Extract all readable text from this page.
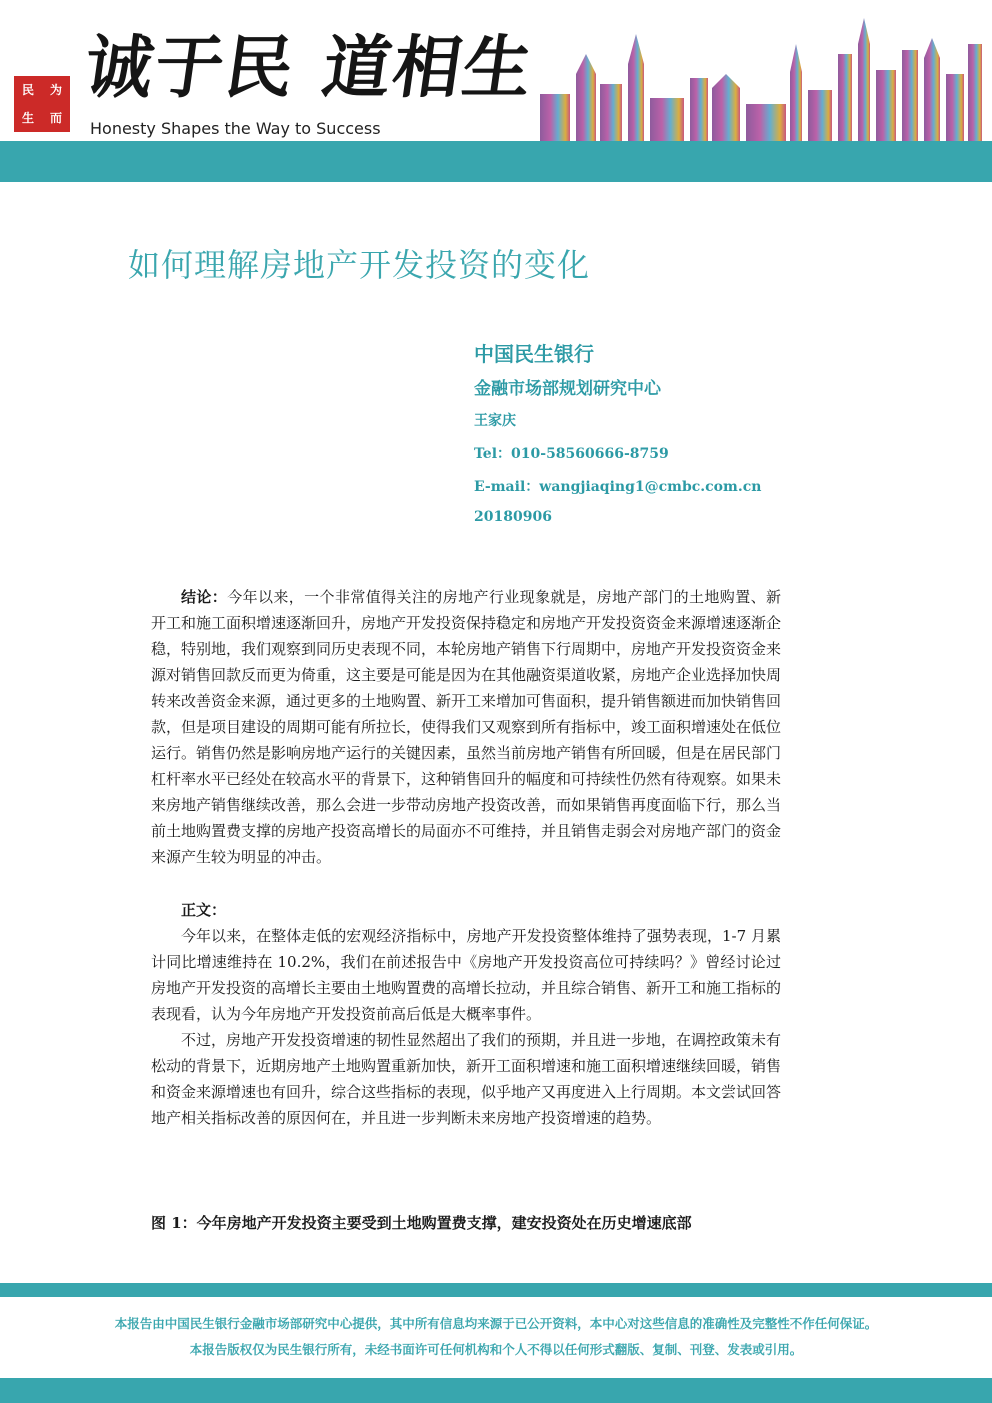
民	为
生	而
诚于民 道相生
Honesty Shapes the Way to Success
如何理解房地产开发投资的变化
中国民生银行
金融市场部规划研究中心
王家庆
Tel：010-58560666-8759
E-mail：wangjiaqing1@cmbc.com.cn
20180906

结论：今年以来，一个非常值得关注的房地产行业现象就是，房地产部门的土地购置、新开工和施工面积增速逐渐回升，房地产开发投资保持稳定和房地产开发投资资金来源增速逐渐企稳，特别地，我们观察到同历史表现不同，本轮房地产销售下行周期中，房地产开发投资资金来源对销售回款反而更为倚重，这主要是可能是因为在其他融资渠道收紧，房地产企业选择加快周转来改善资金来源，通过更多的土地购置、新开工来增加可售面积，提升销售额进而加快销售回款，但是项目建设的周期可能有所拉长，使得我们又观察到所有指标中，竣工面积增速处在低位运行。销售仍然是影响房地产运行的关键因素，虽然当前房地产销售有所回暖，但是在居民部门杠杆率水平已经处在较高水平的背景下，这种销售回升的幅度和可持续性仍然有待观察。如果未来房地产销售继续改善，那么会进一步带动房地产投资改善，而如果销售再度面临下行，那么当前土地购置费支撑的房地产投资高增长的局面亦不可维持，并且销售走弱会对房地产部门的资金来源产生较为明显的冲击。

正文：

今年以来，在整体走低的宏观经济指标中，房地产开发投资整体维持了强势表现，1-7 月累计同比增速维持在 10.2%，我们在前述报告中《房地产开发投资高位可持续吗？》曾经讨论过房地产开发投资的高增长主要由土地购置费的高增长拉动，并且综合销售、新开工和施工指标的表现看，认为今年房地产开发投资前高后低是大概率事件。

不过，房地产开发投资增速的韧性显然超出了我们的预期，并且进一步地，在调控政策未有松动的背景下，近期房地产土地购置重新加快，新开工面积增速和施工面积增速继续回暖，销售和资金来源增速也有回升，综合这些指标的表现，似乎地产又再度进入上行周期。本文尝试回答地产相关指标改善的原因何在，并且进一步判断未来房地产投资增速的趋势。

图 1：今年房地产开发投资主要受到土地购置费支撑，建安投资处在历史增速底部
本报告由中国民生银行金融市场部研究中心提供，其中所有信息均来源于已公开资料，本中心对这些信息的准确性及完整性不作任何保证。
本报告版权仅为民生银行所有，未经书面许可任何机构和个人不得以任何形式翻版、复制、刊登、发表或引用。
